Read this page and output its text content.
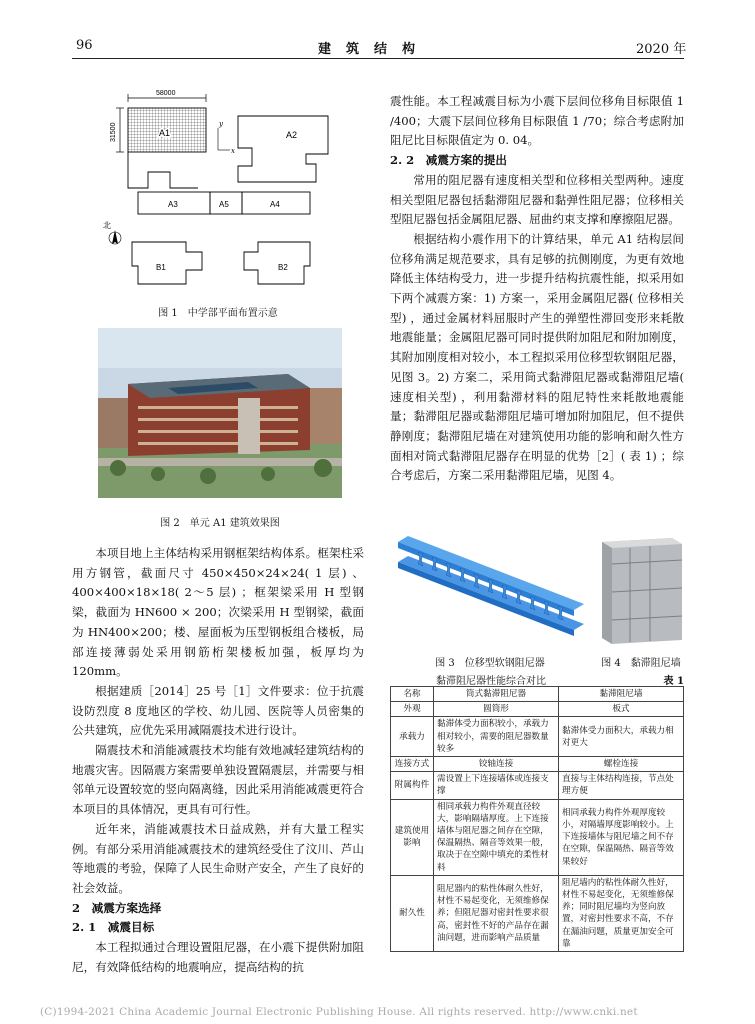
96	建　筑　结　构	2020 年
58000
31500	A1
y
x
A2
A3	A5	A4
北
B1	B2
图 1　中学部平面布置示意
图 2　单元 A1 建筑效果图

本项目地上主体结构采用钢框架结构体系。框架柱采用方钢管，截面尺寸 450×450×24×24( 1 层) 、400×400×18×18( 2～5 层) ；框架梁采用 H 型钢梁，截面为 HN600 × 200；次梁采用 H 型钢梁，截面为 HN400×200；楼、屋面板为压型钢板组合楼板，局部连接薄弱处采用钢筋桁架楼板加强，板厚均为 120mm。

根据建质［2014］25 号［1］文件要求：位于抗震设防烈度 8 度地区的学校、幼儿园、医院等人员密集的公共建筑，应优先采用减隔震技术进行设计。

隔震技术和消能减震技术均能有效地减轻建筑结构的地震灾害。因隔震方案需要单独设置隔震层，并需要与相邻单元设置较宽的竖向隔离缝，因此采用消能减震更符合本项目的具体情况，更具有可行性。

近年来，消能减震技术日益成熟，并有大量工程实例。有部分采用消能减震技术的建筑经受住了汶川、芦山等地震的考验，保障了人民生命财产安全，产生了良好的社会效益。

2　减震方案选择

2. 1　减震目标

本工程拟通过合理设置阻尼器，在小震下提供附加阻尼，有效降低结构的地震响应，提高结构的抗

震性能。本工程减震目标为小震下层间位移角目标限值 1 /400；大震下层间位移角目标限值 1 /70；综合考虑附加阻尼比目标限值定为 0. 04。

2. 2　减震方案的提出

常用的阻尼器有速度相关型和位移相关型两种。速度相关型阻尼器包括黏滞阻尼器和黏弹性阻尼器；位移相关型阻尼器包括金属阻尼器、屈曲约束支撑和摩擦阻尼器。

根据结构小震作用下的计算结果，单元 A1 结构层间位移角满足规范要求，具有足够的抗侧刚度，为更有效地降低主体结构受力，进一步提升结构抗震性能，拟采用如下两个减震方案：1) 方案一，采用金属阻尼器( 位移相关型) ，通过金属材料屈服时产生的弹塑性滞回变形来耗散地震能量；金属阻尼器可同时提供附加阻尼和附加刚度，其附加刚度相对较小，本工程拟采用位移型软钢阻尼器，见图 3。2) 方案二，采用筒式黏滞阻尼器或黏滞阻尼墙( 速度相关型) ，利用黏滞材料的阻尼特性来耗散地震能量；黏滞阻尼器或黏滞阻尼墙可增加附加阻尼，但不提供静刚度；黏滞阻尼墙在对建筑使用功能的影响和耐久性方面相对筒式黏滞阻尼器存在明显的优势［2］( 表 1) ；综合考虑后，方案二采用黏滞阻尼墙，见图 4。

图 3　位移型软钢阻尼器	图 4　黏滞阻尼墙
黏滞阻尼器性能综合对比	表 1
名称	筒式黏滞阻尼器	黏滞阻尼墙
外观	圆筒形	板式
承载力	黏滞体受力面积较小，承载力相对较小，需要的阻尼器数量较多	黏滞体受力面积大，承载力相对更大
连接方式	铰轴连接	螺栓连接
附属构件	需设置上下连接墙体或连接支撑	直接与主体结构连接，节点处理方便
建筑使用影响	相同承载力构件外观直径较大，影响隔墙厚度。上下连接墙体与阻尼器之间存在空隙，保温隔热、隔音等效果一般，取决于在空隙中填充的柔性材料	相同承载力构件外观厚度较小，对隔墙厚度影响较小。上下连接墙体与阻尼墙之间不存在空隙，保温隔热、隔音等效果较好
耐久性	阻尼器内的粘性体耐久性好，材性不易起变化，无须维修保养；但阻尼器对密封性要求很高，密封性不好的产品存在漏油问题，进而影响产品质量	阻尼墙内的粘性体耐久性好，材性不易起变化，无须维修保养；同时阻尼墙均为竖向放置，对密封性要求不高，不存在漏油问题，质量更加安全可靠
(C)1994-2021 China Academic Journal Electronic Publishing House. All rights reserved. http://www.cnki.net
